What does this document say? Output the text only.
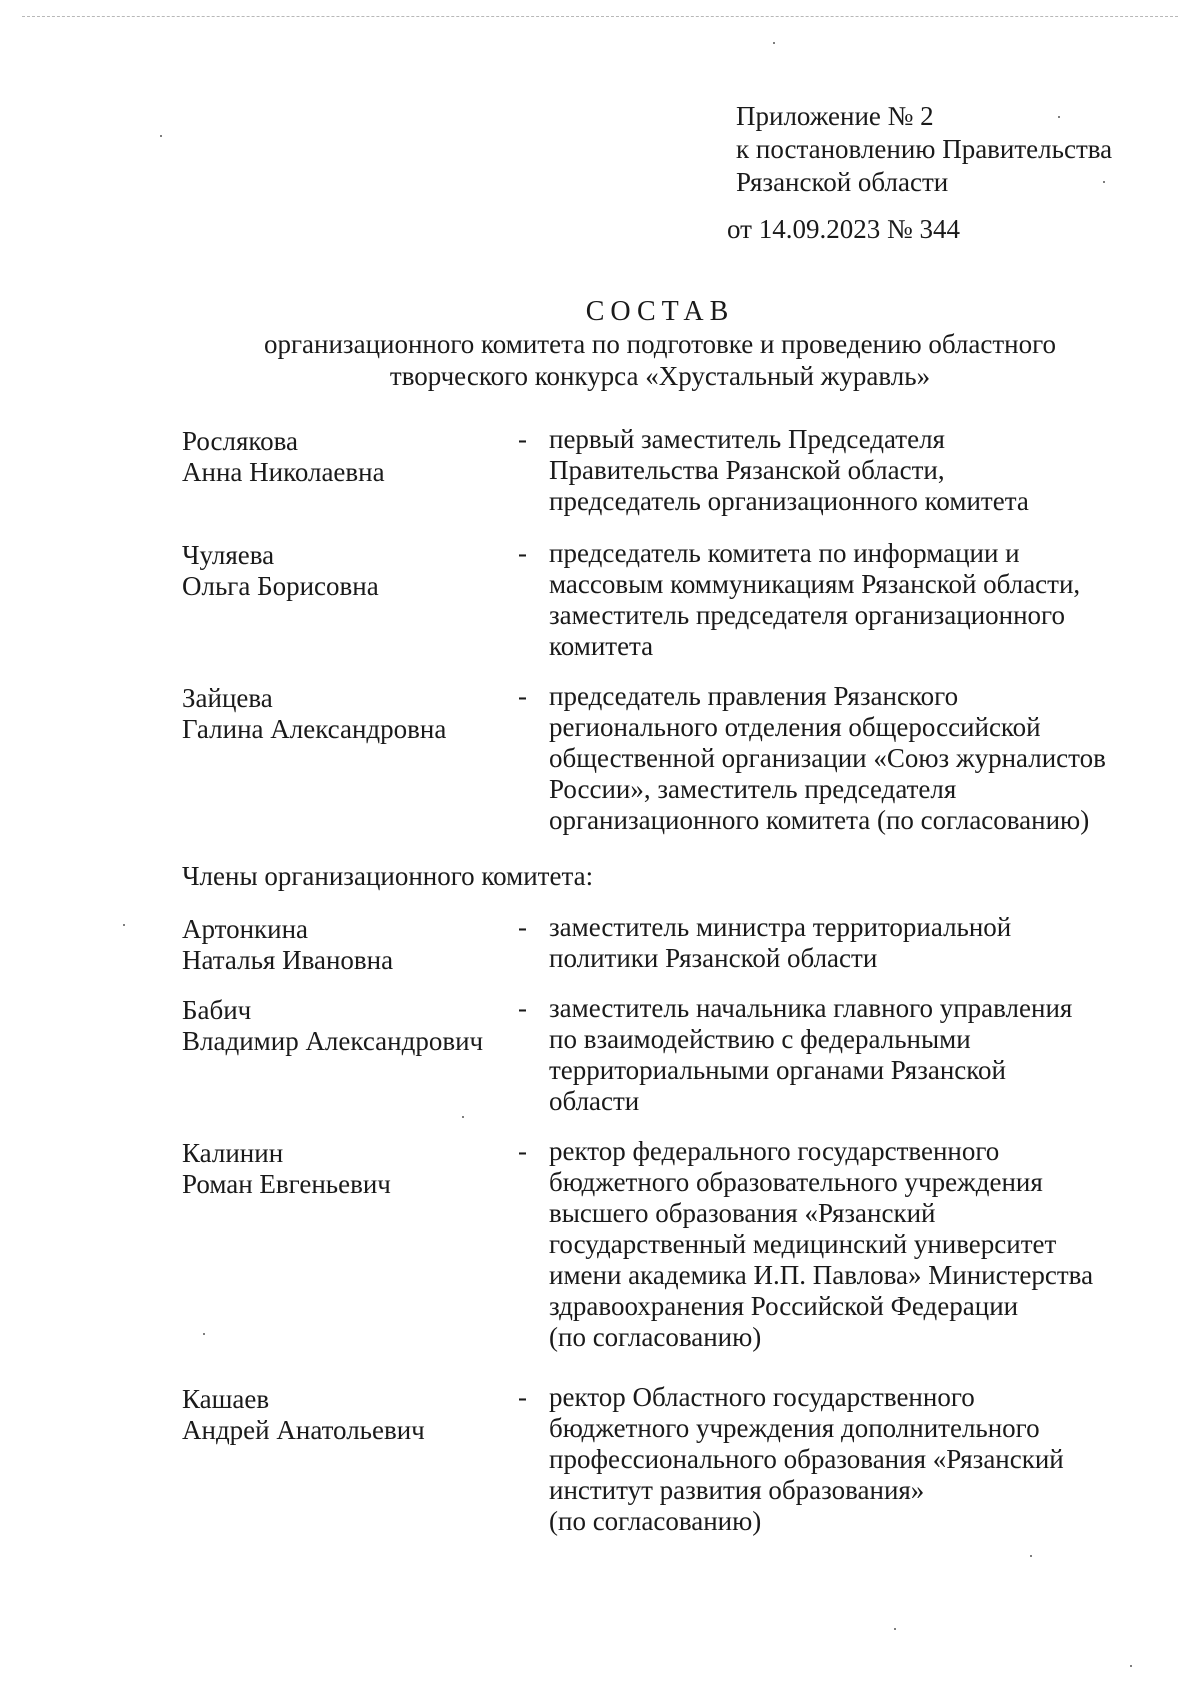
Приложение № 2
к постановлению Правительства
Рязанской области
от 14.09.2023 № 344
СОСТАВ
организационного комитета по подготовке и проведению областного
творческого конкурса «Хрустальный журавль»
Рослякова
Анна Николаевна
- первый заместитель Председателя
Правительства Рязанской области,
председатель организационного комитета
Чуляева
Ольга Борисовна
- председатель комитета по информации и
массовым коммуникациям Рязанской области,
заместитель председателя организационного
комитета
Зайцева
Галина Александровна
- председатель правления Рязанского
регионального отделения общероссийской
общественной организации «Союз журналистов
России», заместитель председателя
организационного комитета (по согласованию)
Члены организационного комитета:
Артонкина
Наталья Ивановна
- заместитель министра территориальной
политики Рязанской области
Бабич
Владимир Александрович
- заместитель начальника главного управления
по взаимодействию с федеральными
территориальными органами Рязанской
области
Калинин
Роман Евгеньевич
- ректор федерального государственного
бюджетного образовательного учреждения
высшего образования «Рязанский
государственный медицинский университет
имени академика И.П. Павлова» Министерства
здравоохранения Российской Федерации
(по согласованию)
Кашаев
Андрей Анатольевич
- ректор Областного государственного
бюджетного учреждения дополнительного
профессионального образования «Рязанский
институт развития образования»
(по согласованию)
